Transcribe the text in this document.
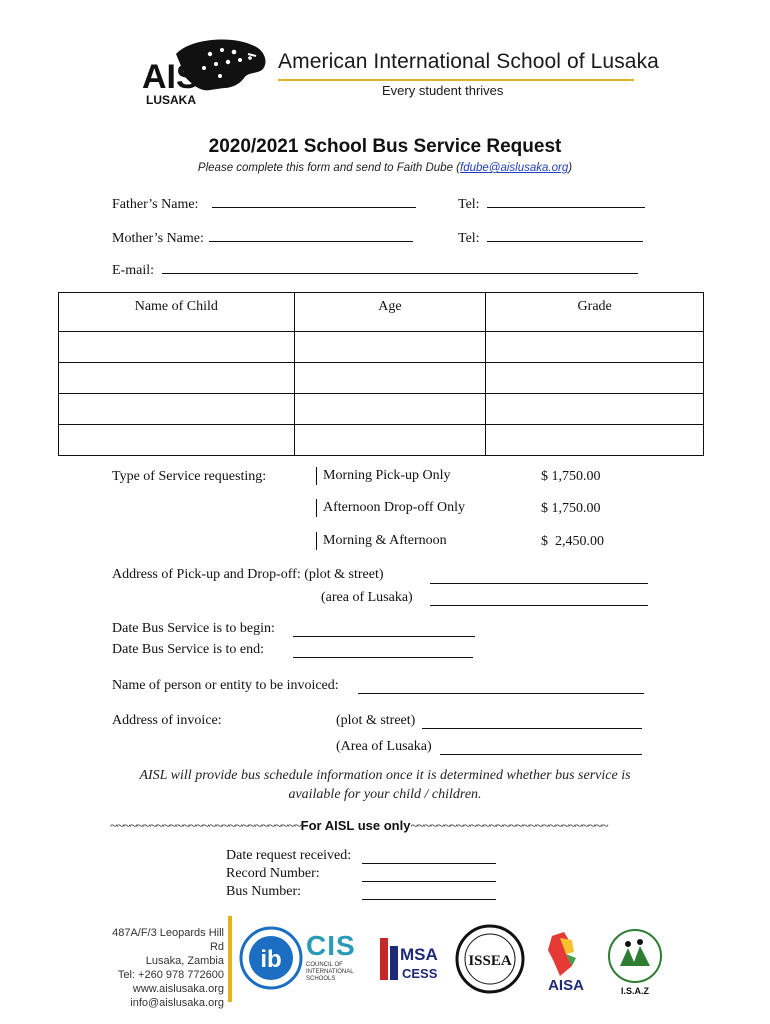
AIS
LUSAKA
American International School of Lusaka
Every student thrives
2020/2021 School Bus Service Request
Please complete this form and send to Faith Dube (fdube@aislusaka.org)
Father’s Name:	Tel:
Mother’s Name:	Tel:
E-mail:
Name of Child	Age	Grade

Type of Service requesting:	Morning Pick-up Only	$ 1,750.00
Afternoon Drop-off Only	$ 1,750.00
Morning & Afternoon	$  2,450.00
Address of Pick-up and Drop-off: (plot & street)
(area of Lusaka)
Date Bus Service is to begin:
Date Bus Service is to end:
Name of person or entity to be invoiced:
Address of invoice:	(plot & street)
(Area of Lusaka)
AISL will provide bus schedule information once it is determined whether bus service is
available for your child / children.
~~~~~~~~~~~~~~~~~~~~~~~~~~~~~For AISL use only~~~~~~~~~~~~~~~~~~~~~~~~~~~~~~
Date request received:
Record Number:
Bus Number:
487A/F/3 Leopards Hill Rd
Lusaka, Zambia
Tel: +260 978 772600
www.aislusaka.org
info@aislusaka.org
ib CIS
COUNCIL OF INTERNATIONAL SCHOOLS
MSA
CESS
ISSEA
AISA	I.S.A.Z
